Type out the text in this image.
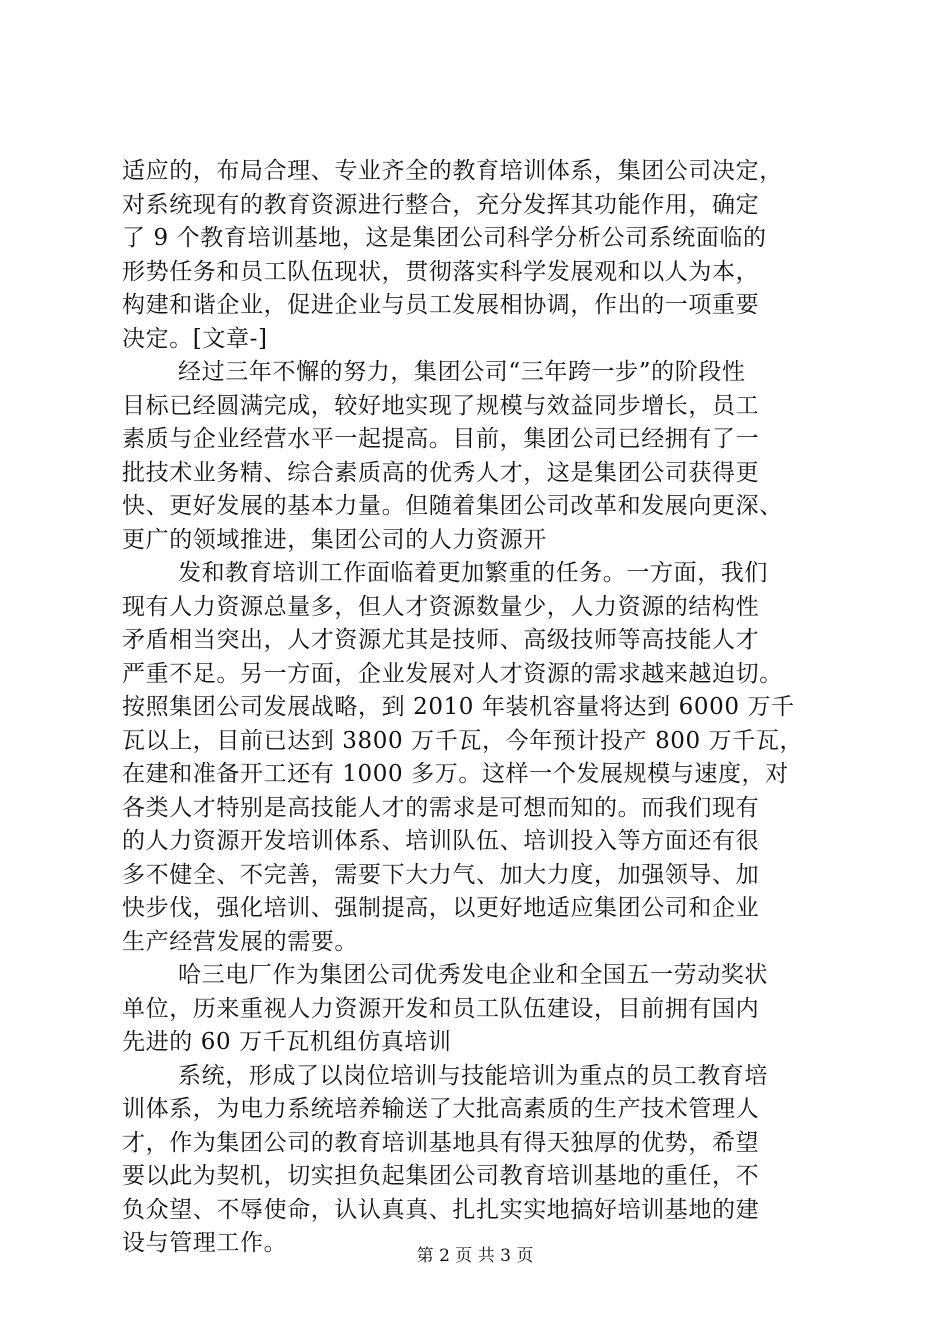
适应的，布局合理、专业齐全的教育培训体系，集团公司决定，
对系统现有的教育资源进行整合，充分发挥其功能作用，确定
了 9 个教育培训基地，这是集团公司科学分析公司系统面临的
形势任务和员工队伍现状，贯彻落实科学发展观和以人为本，
构建和谐企业，促进企业与员工发展相协调，作出的一项重要
决定。[文章-]
经过三年不懈的努力，集团公司“三年跨一步”的阶段性
目标已经圆满完成，较好地实现了规模与效益同步增长，员工
素质与企业经营水平一起提高。目前，集团公司已经拥有了一
批技术业务精、综合素质高的优秀人才，这是集团公司获得更
快、更好发展的基本力量。但随着集团公司改革和发展向更深、
更广的领域推进，集团公司的人力资源开
发和教育培训工作面临着更加繁重的任务。一方面，我们
现有人力资源总量多，但人才资源数量少，人力资源的结构性
矛盾相当突出，人才资源尤其是技师、高级技师等高技能人才
严重不足。另一方面，企业发展对人才资源的需求越来越迫切。
按照集团公司发展战略，到 2010 年装机容量将达到 6000 万千
瓦以上，目前已达到 3800 万千瓦，今年预计投产 800 万千瓦，
在建和准备开工还有 1000 多万。这样一个发展规模与速度，对
各类人才特别是高技能人才的需求是可想而知的。而我们现有
的人力资源开发培训体系、培训队伍、培训投入等方面还有很
多不健全、不完善，需要下大力气、加大力度，加强领导、加
快步伐，强化培训、强制提高，以更好地适应集团公司和企业
生产经营发展的需要。
哈三电厂作为集团公司优秀发电企业和全国五一劳动奖状
单位，历来重视人力资源开发和员工队伍建设，目前拥有国内
先进的 60 万千瓦机组仿真培训
系统，形成了以岗位培训与技能培训为重点的员工教育培
训体系，为电力系统培养输送了大批高素质的生产技术管理人
才，作为集团公司的教育培训基地具有得天独厚的优势，希望
要以此为契机，切实担负起集团公司教育培训基地的重任，不
负众望、不辱使命，认认真真、扎扎实实地搞好培训基地的建
设与管理工作。	第 2 页 共 3 页
